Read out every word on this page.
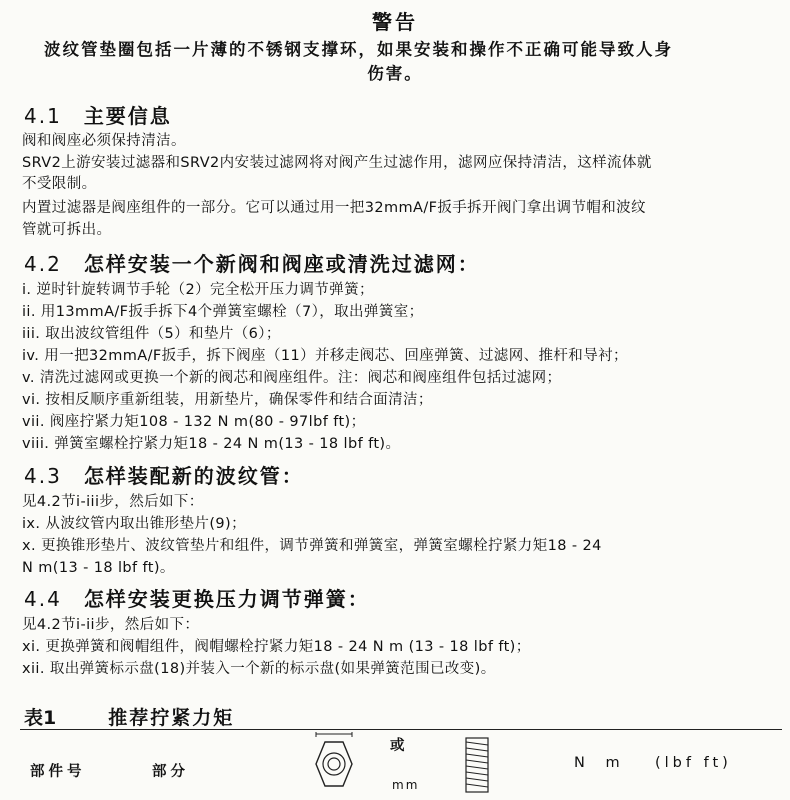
警告
波纹管垫圈包括一片薄的不锈钢支撑环，如果安装和操作不正确可能导致人身
伤害。
4.1 主要信息
阀和阀座必须保持清洁。
SRV2上游安装过滤器和SRV2内安装过滤网将对阀产生过滤作用，滤网应保持清洁，这样流体就
不受限制。
内置过滤器是阀座组件的一部分。它可以通过用一把32mmA/F扳手拆开阀门拿出调节帽和波纹
管就可拆出。
4.2 怎样安装一个新阀和阀座或清洗过滤网：
i. 逆时针旋转调节手轮（2）完全松开压力调节弹簧；
ii. 用13mmA/F扳手拆下4个弹簧室螺栓（7），取出弹簧室；
iii. 取出波纹管组件（5）和垫片（6）；
iv. 用一把32mmA/F扳手，拆下阀座（11）并移走阀芯、回座弹簧、过滤网、推杆和导衬；
v. 清洗过滤网或更换一个新的阀芯和阀座组件。注：阀芯和阀座组件包括过滤网；
vi. 按相反顺序重新组装，用新垫片，确保零件和结合面清洁；
vii. 阀座拧紧力矩108 - 132 N m(80 - 97lbf ft)；
viii. 弹簧室螺栓拧紧力矩18 - 24 N m(13 - 18 lbf ft)。
4.3 怎样装配新的波纹管：
见4.2节i-iii步，然后如下：
ix. 从波纹管内取出锥形垫片(9)；
x. 更换锥形垫片、波纹管垫片和组件，调节弹簧和弹簧室，弹簧室螺栓拧紧力矩18 - 24
N m(13 - 18 lbf ft)。
4.4 怎样安装更换压力调节弹簧：
见4.2节i-ii步，然后如下：
xi. 更换弹簧和阀帽组件，阀帽螺栓拧紧力矩18 - 24 N m (13 - 18 lbf ft)；
xii. 取出弹簧标示盘(18)并装入一个新的标示盘(如果弹簧范围已改变)。
表1	推荐拧紧力矩
部件号	部分
或
mm
N m (lbf ft)
